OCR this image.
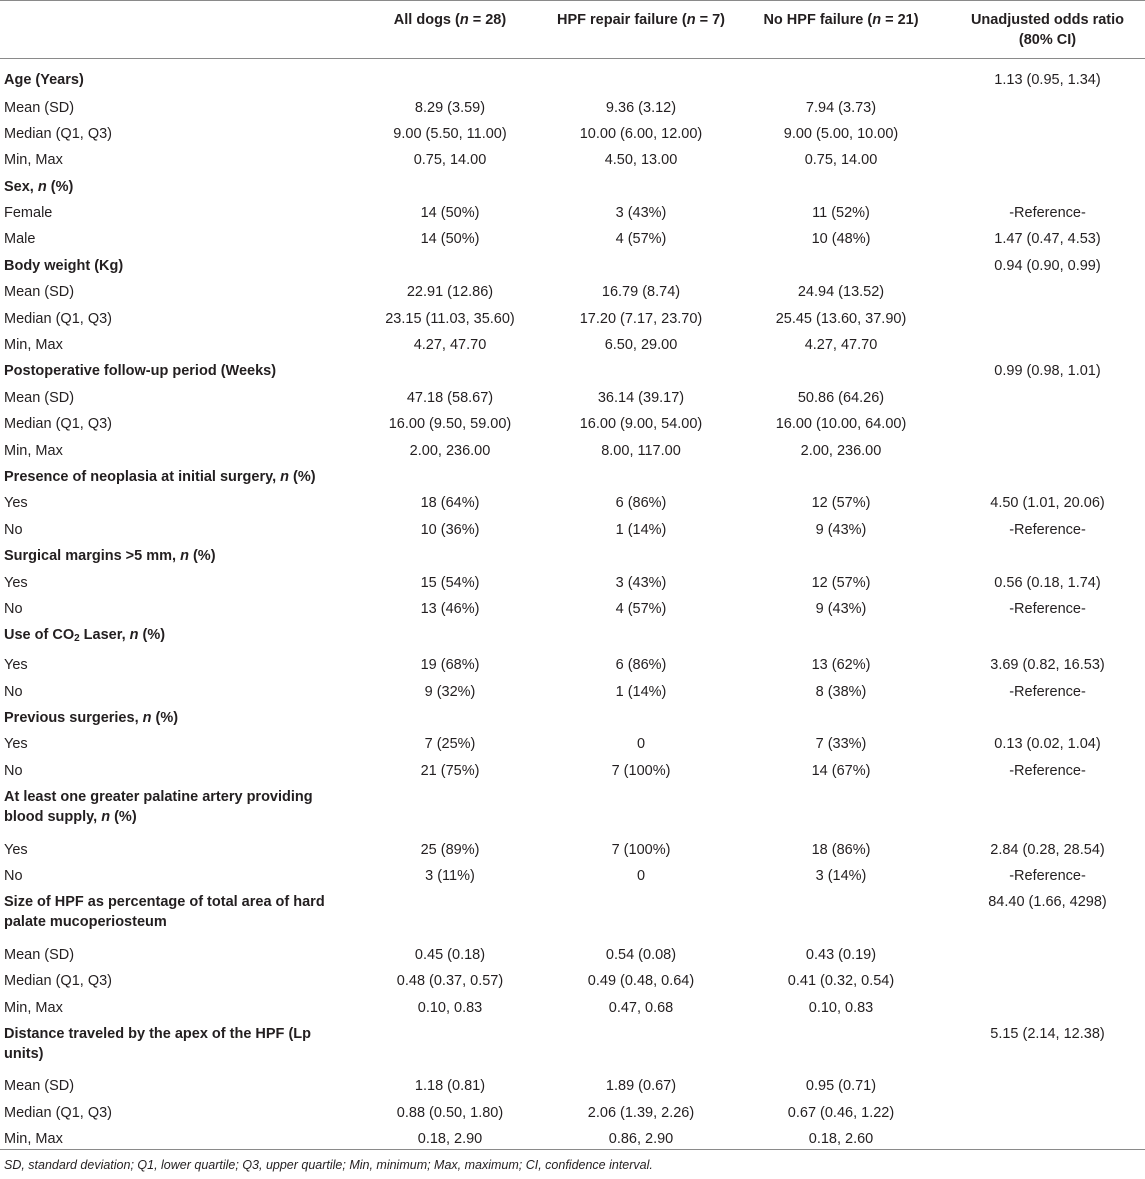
	All dogs (n = 28)	HPF repair failure (n = 7)	No HPF failure (n = 21)	Unadjusted odds ratio
(80% CI)
Age (Years)				1.13 (0.95, 1.34)
Mean (SD)	8.29 (3.59)	9.36 (3.12)	7.94 (3.73)	
Median (Q1, Q3)	9.00 (5.50, 11.00)	10.00 (6.00, 12.00)	9.00 (5.00, 10.00)	
Min, Max	0.75, 14.00	4.50, 13.00	0.75, 14.00	
Sex, n (%)				
Female	14 (50%)	3 (43%)	11 (52%)	-Reference-
Male	14 (50%)	4 (57%)	10 (48%)	1.47 (0.47, 4.53)
Body weight (Kg)				0.94 (0.90, 0.99)
Mean (SD)	22.91 (12.86)	16.79 (8.74)	24.94 (13.52)	
Median (Q1, Q3)	23.15 (11.03, 35.60)	17.20 (7.17, 23.70)	25.45 (13.60, 37.90)	
Min, Max	4.27, 47.70	6.50, 29.00	4.27, 47.70	
Postoperative follow-up period (Weeks)				0.99 (0.98, 1.01)
Mean (SD)	47.18 (58.67)	36.14 (39.17)	50.86 (64.26)	
Median (Q1, Q3)	16.00 (9.50, 59.00)	16.00 (9.00, 54.00)	16.00 (10.00, 64.00)	
Min, Max	2.00, 236.00	8.00, 117.00	2.00, 236.00	
Presence of neoplasia at initial surgery, n (%)				
Yes	18 (64%)	6 (86%)	12 (57%)	4.50 (1.01, 20.06)
No	10 (36%)	1 (14%)	9 (43%)	-Reference-
Surgical margins >5 mm, n (%)				
Yes	15 (54%)	3 (43%)	12 (57%)	0.56 (0.18, 1.74)
No	13 (46%)	4 (57%)	9 (43%)	-Reference-
Use of $CO_2$ Laser, n (%)				
Yes	19 (68%)	6 (86%)	13 (62%)	3.69 (0.82, 16.53)
No	9 (32%)	1 (14%)	8 (38%)	-Reference-
Previous surgeries, n (%)				
Yes	7 (25%)	0	7 (33%)	0.13 (0.02, 1.04)
No	21 (75%)	7 (100%)	14 (67%)	-Reference-
At least one greater palatine artery providing blood supply, n (%)				
Yes	25 (89%)	7 (100%)	18 (86%)	2.84 (0.28, 28.54)
No	3 (11%)	0	3 (14%)	-Reference-
Size of HPF as percentage of total area of hard palate mucoperiosteum				84.40 (1.66, 4298)
Mean (SD)	0.45 (0.18)	0.54 (0.08)	0.43 (0.19)	
Median (Q1, Q3)	0.48 (0.37, 0.57)	0.49 (0.48, 0.64)	0.41 (0.32, 0.54)	
Min, Max	0.10, 0.83	0.47, 0.68	0.10, 0.83	
Distance traveled by the apex of the HPF (Lp units)				5.15 (2.14, 12.38)
Mean (SD)	1.18 (0.81)	1.89 (0.67)	0.95 (0.71)	
Median (Q1, Q3)	0.88 (0.50, 1.80)	2.06 (1.39, 2.26)	0.67 (0.46, 1.22)	
Min, Max	0.18, 2.90	0.86, 2.90	0.18, 2.60	
SD, standard deviation; Q1, lower quartile; Q3, upper quartile; Min, minimum; Max, maximum; CI, confidence interval.
